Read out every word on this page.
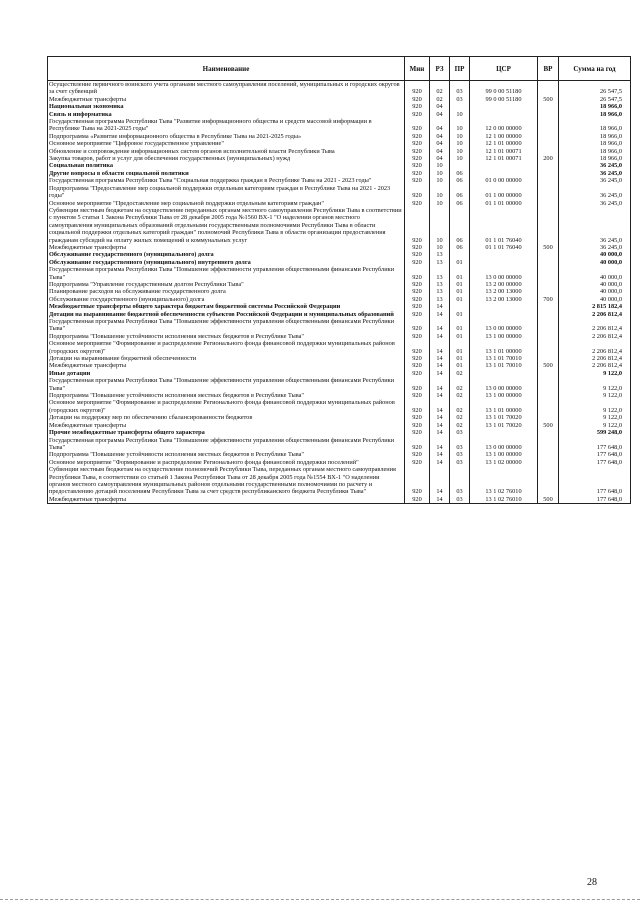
Наименование	Мин	РЗ	ПР	ЦСР	ВР	Сумма на год
Осуществление первичного воинского учета органами местного самоуправления поселений, муниципальных и городских округов за счет субвенций	920	02	03	99 0 00 51180		26 547,5
Межбюджетные трансферты	920	02	03	99 0 00 51180	500	26 547,5
Национальная экономика	920	04				18 966,0
Связь и информатика	920	04	10			18 966,0
Государственная программа Республики Тыва "Развитие информационного общества и средств массовой информации в Республике Тыва на 2021-2025 годы"	920	04	10	12 0 00 00000		18 966,0
Подпрограмма «Развитие информационного общества в Республике Тыва на 2021-2025 годы»	920	04	10	12 1 00 00000		18 966,0
Основное мероприятие "Цифровое государственное управление"	920	04	10	12 1 01 00000		18 966,0
Обновление и сопровождение информационных систем органов исполнительной власти Республики Тыва	920	04	10	12 1 01 00071		18 966,0
Закупка товаров, работ и услуг для обеспечения государственных (муниципальных) нужд	920	04	10	12 1 01 00071	200	18 966,0
Социальная политика	920	10				36 245,0
Другие вопросы в области социальной политики	920	10	06			36 245,0
Государственная программа Республики Тыва "Социальная поддержка граждан в Республике Тыва на 2021 - 2023 годы"	920	10	06	01 0 00 00000		36 245,0
Подпрограмма "Предоставление мер социальной поддержки отдельным категориям граждан в Республике Тыва на 2021 - 2023 годы"	920	10	06	01 1 00 00000		36 245,0
Основное мероприятие "Предоставление мер социальной поддержки отдельным категориям граждан"	920	10	06	01 1 01 00000		36 245,0
Субвенции местным бюджетам на осуществление переданных органам местного самоуправления Республики Тыва в соответствии с пунктом 5 статьи 1 Закона Республики Тыва от 28 декабря 2005 года №1560 ВХ-1 "О наделении органов местного самоуправления муниципальных образований отдельными государственными полномочиями Республики Тыва в области социальной поддержки отдельных категорий граждан" полномочий Республики Тыва в области организации предоставления гражданам субсидий на оплату жилых помещений и коммунальных услуг	920	10	06	01 1 01 76040		36 245,0
Межбюджетные трансферты	920	10	06	01 1 01 76040	500	36 245,0
Обслуживание государственного (муниципального) долга	920	13				40 000,0
Обслуживание государственного (муниципального) внутреннего долга	920	13	01			40 000,0
Государственная программа Республики Тыва "Повышение эффективности управления общественными финансами Республики Тыва"	920	13	01	13 0 00 00000		40 000,0
Подпрограмма "Управление государственным долгом Республики Тыва"	920	13	01	13 2 00 00000		40 000,0
Планирование расходов на обслуживание государственного долга	920	13	01	13 2 00 13000		40 000,0
Обслуживание государственного (муниципального) долга	920	13	01	13 2 00 13000	700	40 000,0
Межбюджетные трансферты общего характера бюджетам бюджетной системы Российской Федерации	920	14				2 815 182,4
Дотации на выравнивание бюджетной обеспеченности субъектов Российской Федерации и муниципальных образований	920	14	01			2 206 812,4
Государственная программа Республики Тыва "Повышение эффективности управления общественными финансами Республики Тыва"	920	14	01	13 0 00 00000		2 206 812,4
Подпрограмма "Повышение устойчивости исполнения местных бюджетов в Республике Тыва"	920	14	01	13 1 00 00000		2 206 812,4
Основное мероприятие "Формирование и распределение Регионального фонда финансовой поддержки муниципальных районов (городских округов)"	920	14	01	13 1 01 00000		2 206 812,4
Дотации на выравнивание бюджетной обеспеченности	920	14	01	13 1 01 70010		2 206 812,4
Межбюджетные трансферты	920	14	01	13 1 01 70010	500	2 206 812,4
Иные дотации	920	14	02			9 122,0
Государственная программа Республики Тыва "Повышение эффективности управления общественными финансами Республики Тыва"	920	14	02	13 0 00 00000		9 122,0
Подпрограмма "Повышение устойчивости исполнения местных бюджетов в Республике Тыва"	920	14	02	13 1 00 00000		9 122,0
Основное мероприятие "Формирование и распределение Регионального фонда финансовой поддержки муниципальных районов (городских округов)"	920	14	02	13 1 01 00000		9 122,0
Дотации на поддержку мер по обеспечению сбалансированности бюджетов	920	14	02	13 1 01 70020		9 122,0
Межбюджетные трансферты	920	14	02	13 1 01 70020	500	9 122,0
Прочие межбюджетные трансферты общего характера	920	14	03			599 248,0
Государственная программа Республики Тыва "Повышение эффективности управления общественными финансами Республики Тыва"	920	14	03	13 0 00 00000		177 648,0
Подпрограмма "Повышение устойчивости исполнения местных бюджетов в Республике Тыва"	920	14	03	13 1 00 00000		177 648,0
Основное мероприятие "Формирование и распределение Регионального фонда финансовой поддержки поселений"	920	14	03	13 1 02 00000		177 648,0
Субвенции местным бюджетам на осуществление полномочий Республики Тыва, переданных органам местного самоуправления Республики Тыва, в соответствии со статьей 1 Закона Республики Тыва от 28 декабря 2005 года №1554 ВХ-1 "О наделении органов местного самоуправления муниципальных районов отдельными государственными полномочиями по расчету и предоставлению дотаций поселениям Республики Тыва за счет средств республиканского бюджета Республики Тыва"	920	14	03	13 1 02 76010		177 648,0
Межбюджетные трансферты	920	14	03	13 1 02 76010	500	177 648,0
28
